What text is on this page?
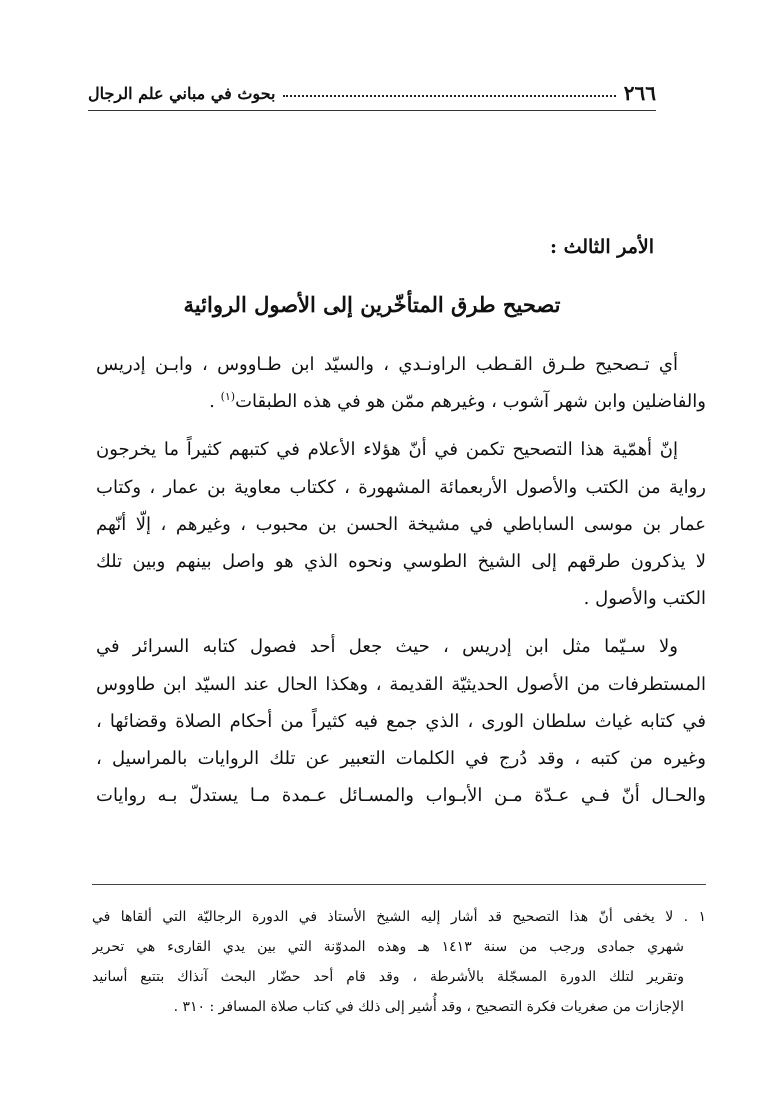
٢٦٦
بحوث في مباني علم الرجال
الأمر الثالث :
تصحيح طرق المتأخّرين إلى الأصول الروائية
أي تـصحيح طـرق القـطب الراونـدي ، والسيّد ابن طـاووس ، وابـن إدريس
والفاضلين وابن شهر آشوب ، وغيرهم ممّن هو في هذه الطبقات$^{(١)}$ .
إنّ أهمّية هذا التصحيح تكمن في أنّ هؤلاء الأعلام في كتبهم كثيراً ما يخرجون
رواية من الكتب والأصول الأربعمائة المشهورة ، ككتاب معاوية بن عمار ، وكتاب
عمار بن موسى الساباطي في مشيخة الحسن بن محبوب ، وغيرهم ، إلّا أنّهم
لا يذكرون طرقهم إلى الشيخ الطوسي ونحوه الذي هو واصل بينهم وبين تلك
الكتب والأصول .
ولا سـيّما مثل ابن إدريس ، حيث جعل أحد فصول كتابه السرائر في
المستطرفات من الأصول الحديثيّة القديمة ، وهكذا الحال عند السيّد ابن طاووس
في كتابه غياث سلطان الورى ، الذي جمع فيه كثيراً من أحكام الصلاة وقضائها ،
وغيره من كتبه ، وقد دُرج في الكلمات التعبير عن تلك الروايات بالمراسيل ،
والحـال أنّ فـي عـدّة مـن الأبـواب والمسـائل عـمدة مـا يستدلّ بـه روايات
١ . لا يخفى أنّ هذا التصحيح قد أشار إليه الشيخ الأستاذ في الدورة الرجاليّة التي ألقاها في
شهري جمادى ورجب من سنة ١٤١٣ هـ وهذه المدوّنة التي بين يدي القارىء هي تحرير
وتقرير لتلك الدورة المسجّلة بالأشرطة ، وقد قام أحد حضّار البحث آنذاك بتتبع أسانيد
الإجازات من صغريات فكرة التصحيح ، وقد أُشير إلى ذلك في كتاب صلاة المسافر : ٣١٠ .
